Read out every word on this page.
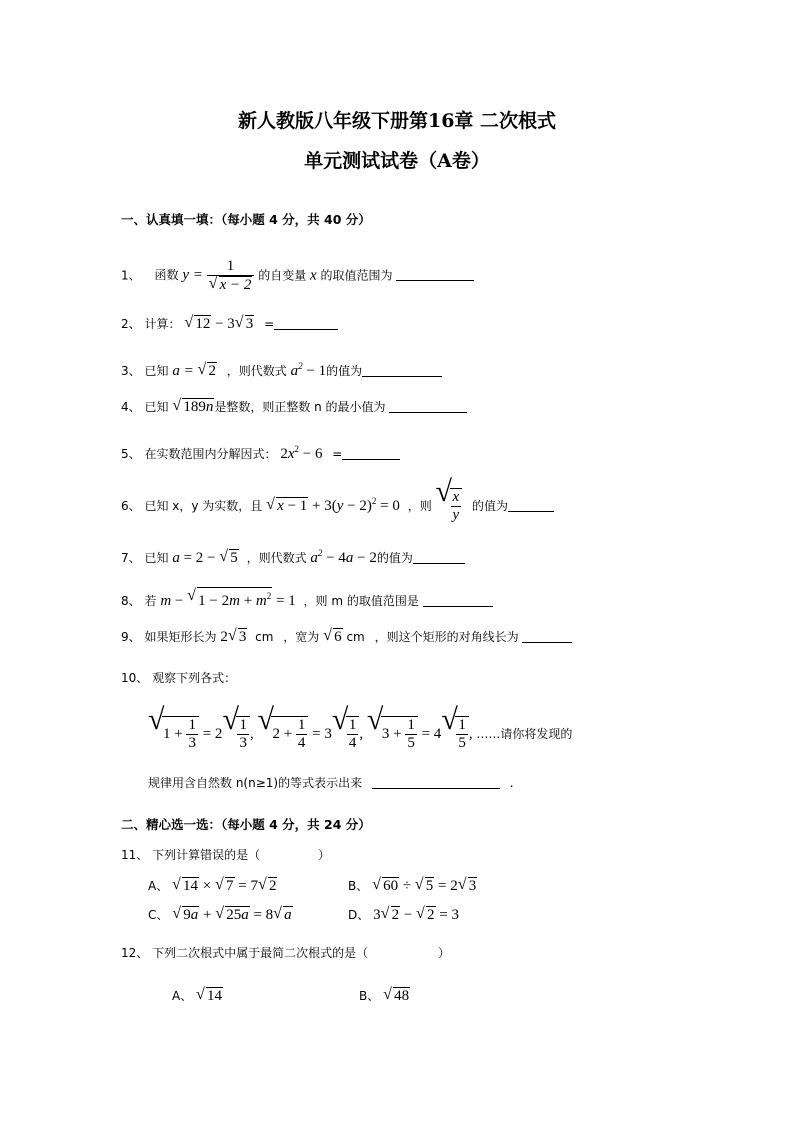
新人教版八年级下册第16章 二次根式
单元测试试卷（A卷）
一、认真填一填：（每小题 4 分，共 40 分）
1、 函数 $y = \frac{1}{√ x - 2}$ 的自变量 x 的取值范围为
2、 计算： √ 12 − 3 √ 3 =
3、 已知 a = √ 2 ，则代数式 $a^2 - 1$的值为
4、 已知 √ 189n是整数，则正整数 n 的最小值为
5、 在实数范围内分解因式： $2x^2 - 6$ =
6、 已知 x，y 为实数，且 √ $x - 1 + 3(y - 2)^2 = 0$ ，则 √
$\frac{x}{y}$ 的值为
7、 已知 a = 2 − √ 5 ，则代数式 $a^2 - 4a - 2$的值为
8、 若 m − √ $1 - 2m + m^2 = 1$ ，则 m 的取值范围是
9、 如果矩形长为 2 √ 3 cm ，宽为 √ 6 cm ，则这个矩形的对角线长为
10、 观察下列各式：
√
$1 + \frac{1}{3} = 2$ √
$\frac{1}{3}$ , √
$2 + \frac{1}{4} = 3$ √
$\frac{1}{4}$ , √
$3 + \frac{1}{5} = 4$ √
$\frac{1}{5}$ , ……请你将发现的
规律用含自然数 n(n≥1)的等式表示出来	.
二、精心选一选：（每小题 4 分，共 24 分）
11、 下列计算错误的是（	）
A、 √ 14 × √ 7 = 7 √ 2	B、 √ 60 ÷ √ 5 = 2 √ 3
C、 √ 9a + √ 25a = 8 √ a	D、 3 √ 2 − √ 2 = 3
12、 下列二次根式中属于最简二次根式的是（	）
A、 √ 14	B、 √ 48
